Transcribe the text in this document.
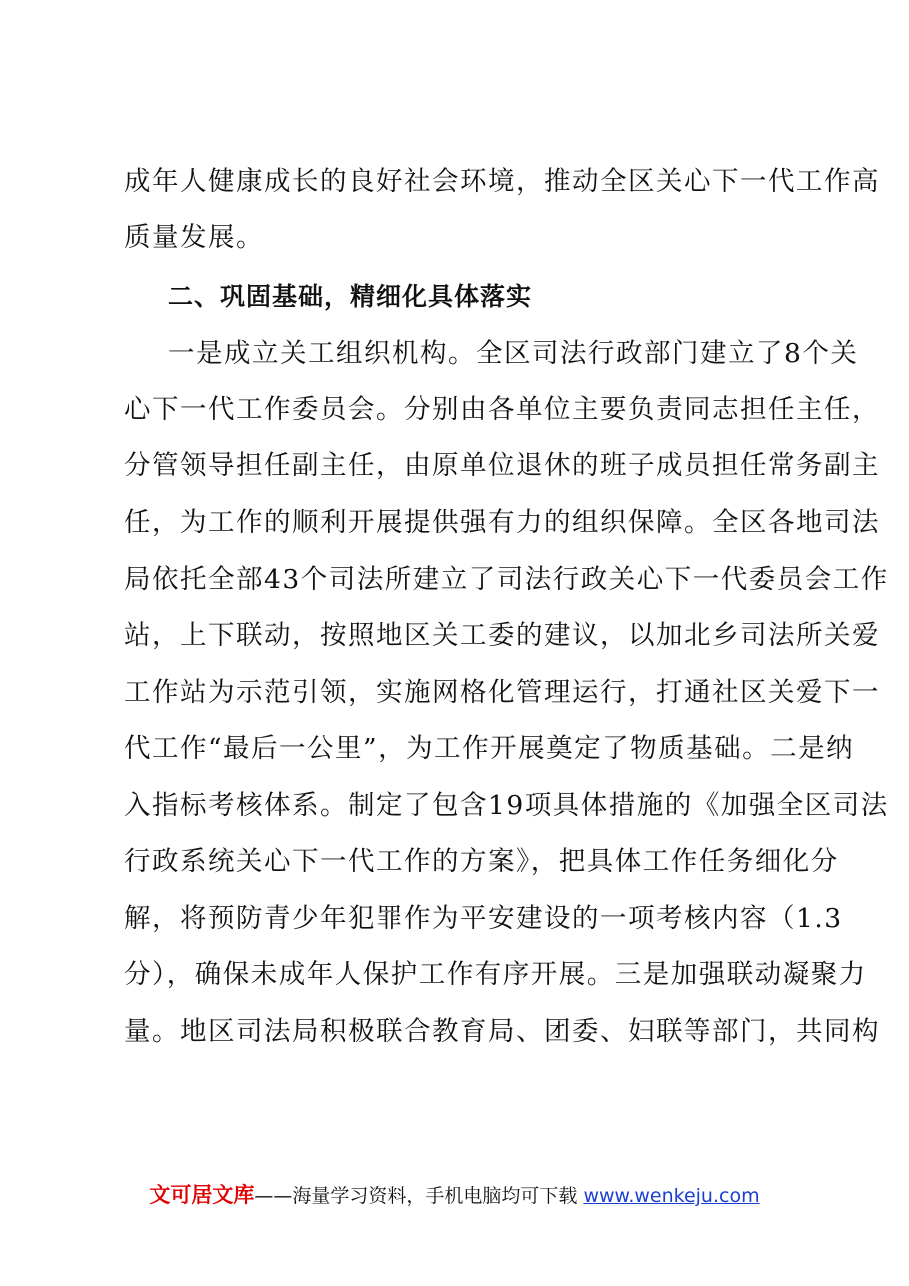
成年人健康成长的良好社会环境，推动全区关心下一代工作高
质量发展。
二、巩固基础，精细化具体落实
一是成立关工组织机构。全区司法行政部门建立了8个关
心下一代工作委员会。分别由各单位主要负责同志担任主任，
分管领导担任副主任，由原单位退休的班子成员担任常务副主
任，为工作的顺利开展提供强有力的组织保障。全区各地司法
局依托全部43个司法所建立了司法行政关心下一代委员会工作
站，上下联动，按照地区关工委的建议，以加北乡司法所关爱
工作站为示范引领，实施网格化管理运行，打通社区关爱下一
代工作“最后一公里”，为工作开展奠定了物质基础。二是纳
入指标考核体系。制定了包含19项具体措施的《加强全区司法
行政系统关心下一代工作的方案》，把具体工作任务细化分
解，将预防青少年犯罪作为平安建设的一项考核内容（1.3
分），确保未成年人保护工作有序开展。三是加强联动凝聚力
量。地区司法局积极联合教育局、团委、妇联等部门，共同构
文可居文库——海量学习资料，手机电脑均可下载 www.wenkeju.com
